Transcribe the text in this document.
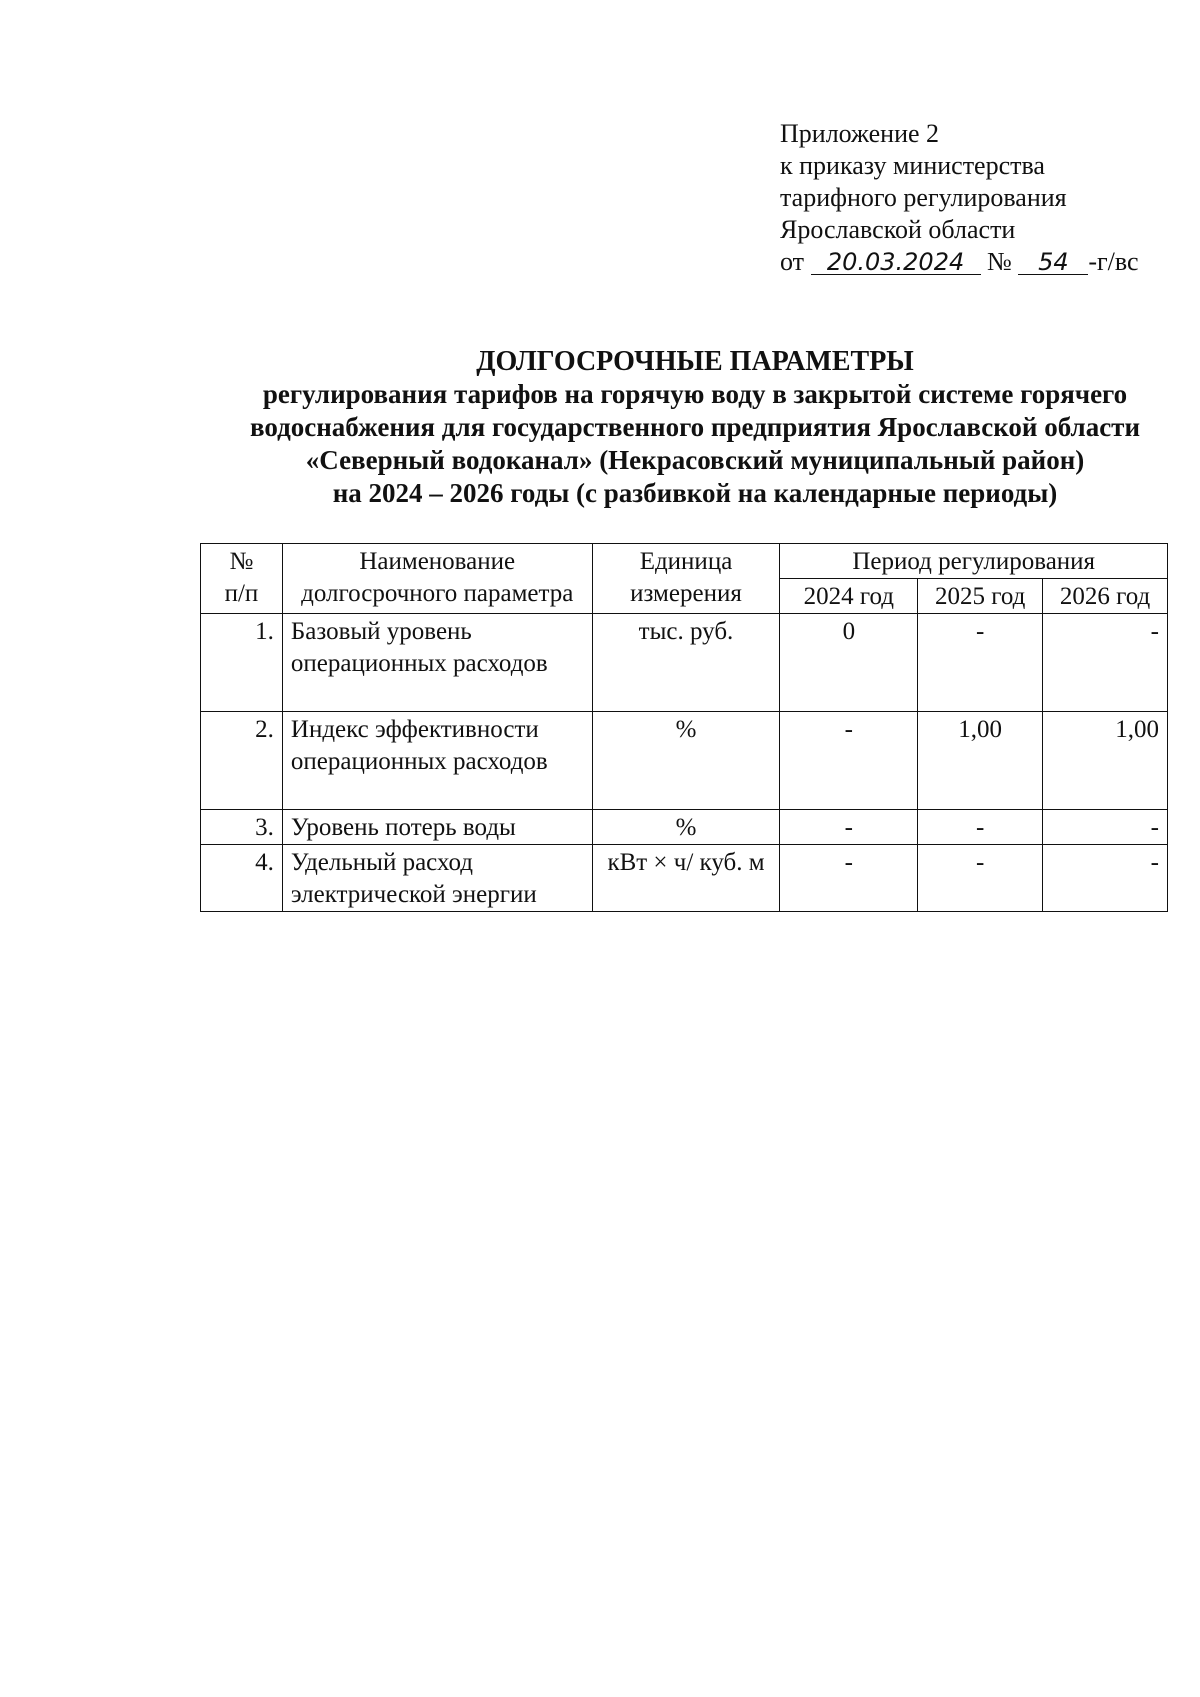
Приложение 2
к приказу министерства
тарифного регулирования
Ярославской области
от 20.03.2024 № 54 -г/вс
ДОЛГОСРОЧНЫЕ ПАРАМЕТРЫ
регулирования тарифов на горячую воду в закрытой системе горячего
водоснабжения для государственного предприятия Ярославской области
«Северный водоканал» (Некрасовский муниципальный район)
на 2024 – 2026 годы (с разбивкой на календарные периоды)
№
п/п	Наименование долгосрочного параметра	Единица измерения	Период регулирования		
			2024 год	2025 год	2026 год
1.	Базовый уровень операционных расходов	тыс. руб.	0	-	-
2.	Индекс эффективности операционных расходов	%	-	1,00	1,00
3.	Уровень потерь воды	%	-	-	-
4.	Удельный расход электрической энергии	кВт × ч/ куб. м	-	-	-
